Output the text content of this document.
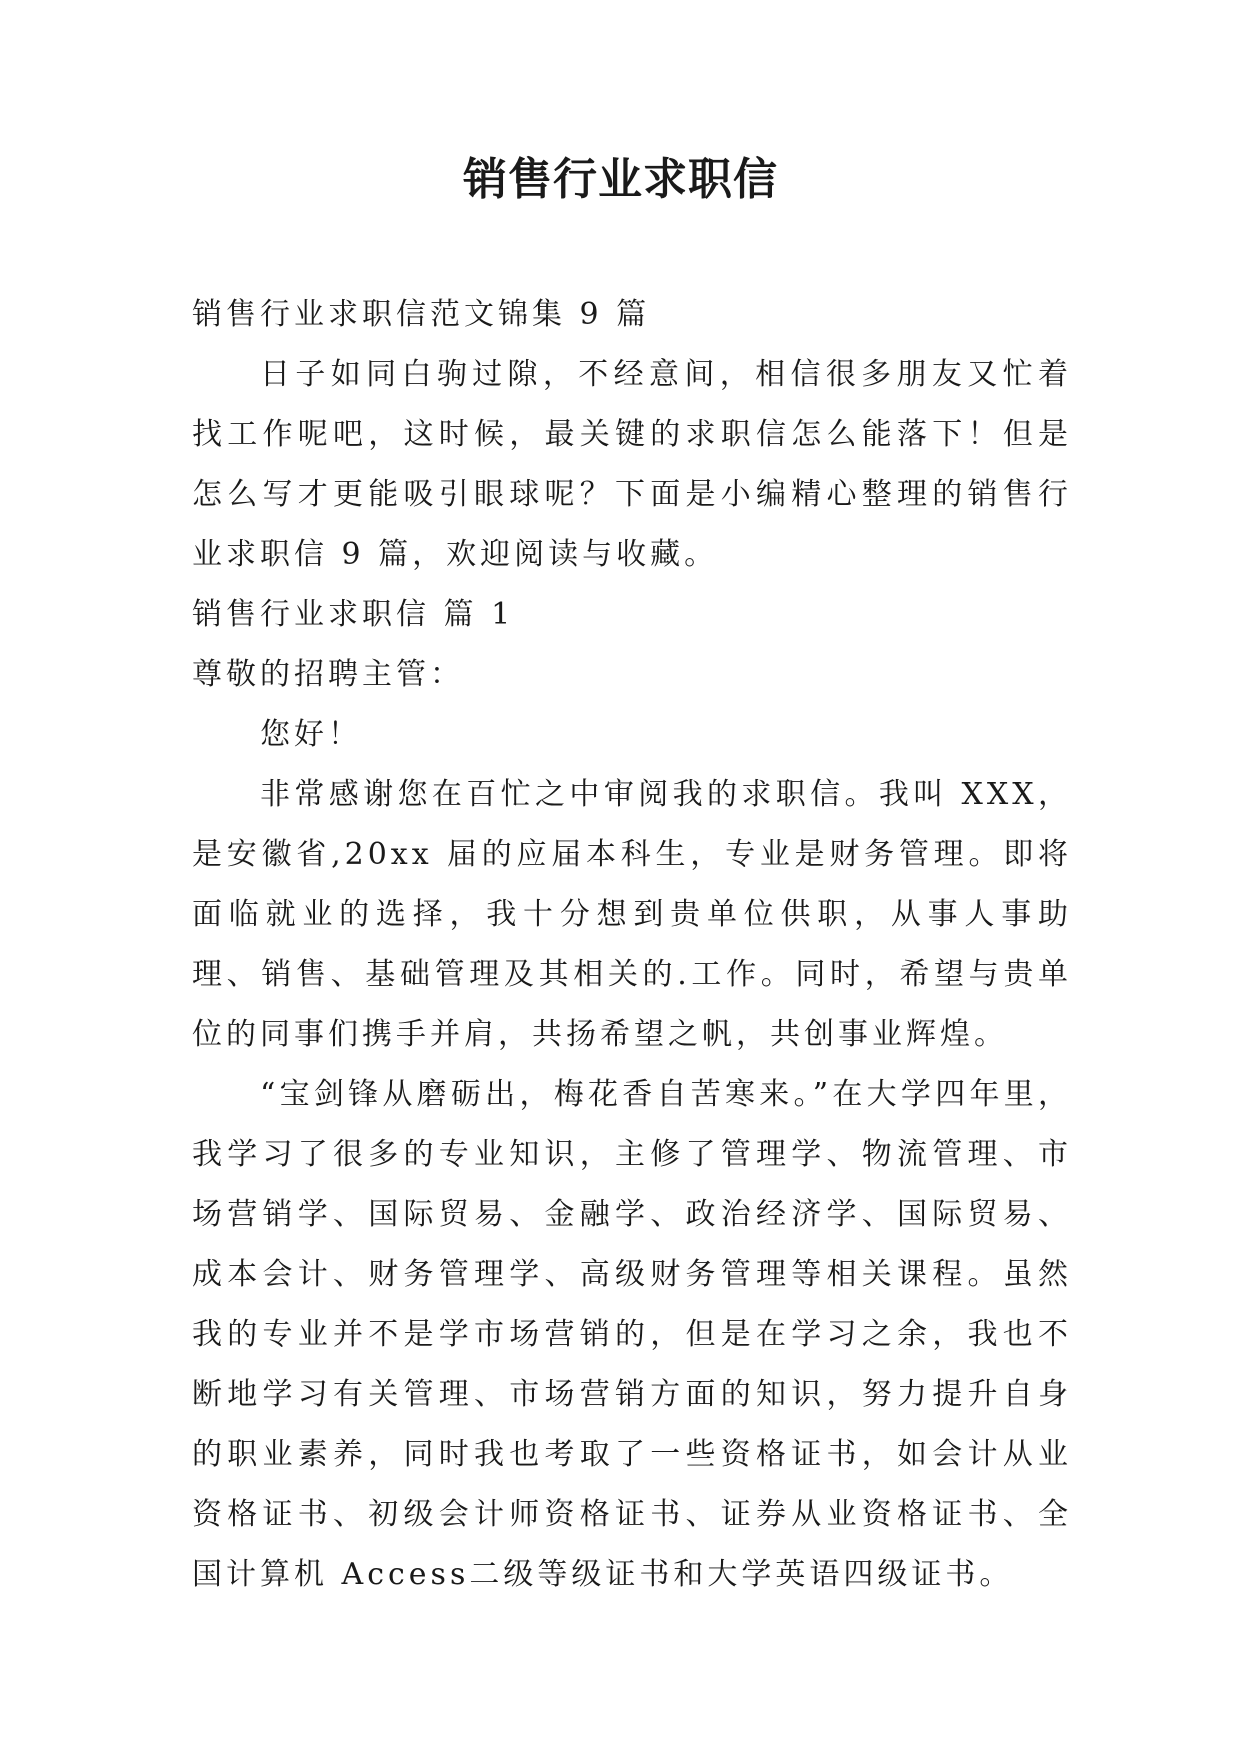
销售行业求职信

销售行业求职信范文锦集 9 篇

日子如同白驹过隙，不经意间，相信很多朋友又忙着找工作呢吧，这时候，最关键的求职信怎么能落下！但是怎么写才更能吸引眼球呢？下面是小编精心整理的销售行业求职信 9 篇，欢迎阅读与收藏。

销售行业求职信 篇 1

尊敬的招聘主管：

您好！

非常感谢您在百忙之中审阅我的求职信。我叫 XXX，是安徽省,20xx 届的应届本科生，专业是财务管理。即将面临就业的选择，我十分想到贵单位供职，从事人事助理、销售、基础管理及其相关的.工作。同时，希望与贵单位的同事们携手并肩，共扬希望之帆，共创事业辉煌。

“宝剑锋从磨砺出，梅花香自苦寒来。”在大学四年里，我学习了很多的专业知识，主修了管理学、物流管理、市场营销学、国际贸易、金融学、政治经济学、国际贸易、成本会计、财务管理学、高级财务管理等相关课程。虽然我的专业并不是学市场营销的，但是在学习之余，我也不断地学习有关管理、市场营销方面的知识，努力提升自身的职业素养，同时我也考取了一些资格证书，如会计从业资格证书、初级会计师资格证书、证券从业资格证书、全国计算机 Access二级等级证书和大学英语四级证书。
